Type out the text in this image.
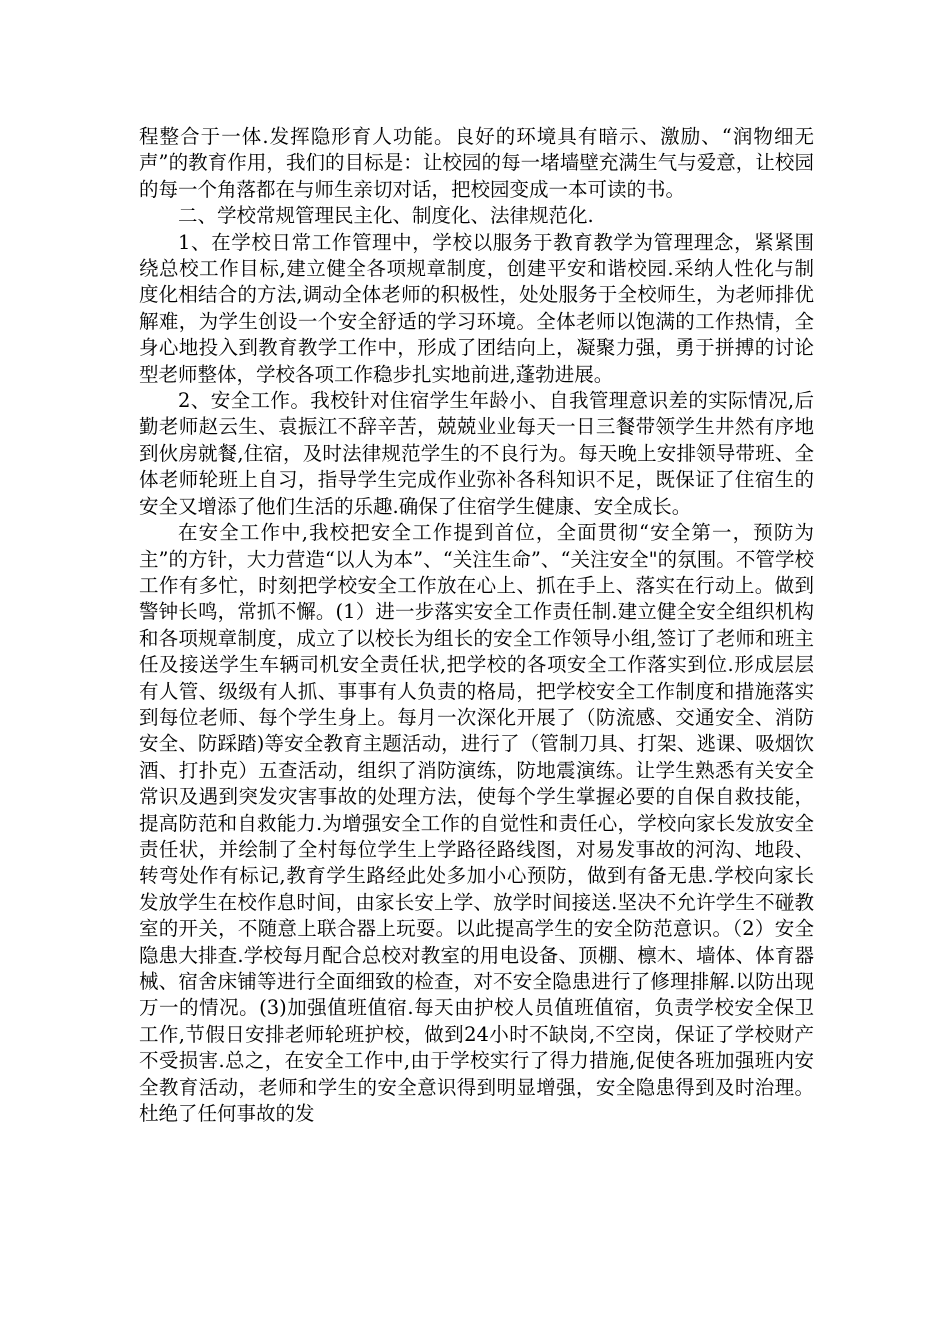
程整合于一体.发挥隐形育人功能。良好的环境具有暗示、激励、“润物细无声”的教育作用，我们的目标是：让校园的每一堵墙壁充满生气与爱意，让校园的每一个角落都在与师生亲切对话，把校园变成一本可读的书。

二、学校常规管理民主化、制度化、法律规范化.

1、在学校日常工作管理中，学校以服务于教育教学为管理理念，紧紧围绕总校工作目标,建立健全各项规章制度，创建平安和谐校园.采纳人性化与制度化相结合的方法,调动全体老师的积极性，处处服务于全校师生，为老师排优解难，为学生创设一个安全舒适的学习环境。全体老师以饱满的工作热情，全身心地投入到教育教学工作中，形成了团结向上，凝聚力强，勇于拼搏的讨论型老师整体，学校各项工作稳步扎实地前进,蓬勃进展。

2、安全工作。我校针对住宿学生年龄小、自我管理意识差的实际情况,后勤老师赵云生、袁振江不辞辛苦，兢兢业业每天一日三餐带领学生井然有序地到伙房就餐,住宿，及时法律规范学生的不良行为。每天晚上安排领导带班、全体老师轮班上自习，指导学生完成作业弥补各科知识不足，既保证了住宿生的安全又增添了他们生活的乐趣.确保了住宿学生健康、安全成长。

在安全工作中,我校把安全工作提到首位，全面贯彻“安全第一，预防为主”的方针，大力营造“以人为本”、“关注生命”、“关注安全"的氛围。不管学校工作有多忙，时刻把学校安全工作放在心上、抓在手上、落实在行动上。做到警钟长鸣，常抓不懈。(1）进一步落实安全工作责任制.建立健全安全组织机构和各项规章制度，成立了以校长为组长的安全工作领导小组,签订了老师和班主任及接送学生车辆司机安全责任状,把学校的各项安全工作落实到位.形成层层有人管、级级有人抓、事事有人负责的格局，把学校安全工作制度和措施落实到每位老师、每个学生身上。每月一次深化开展了（防流感、交通安全、消防安全、防踩踏)等安全教育主题活动，进行了（管制刀具、打架、逃课、吸烟饮酒、打扑克）五查活动，组织了消防演练，防地震演练。让学生熟悉有关安全常识及遇到突发灾害事故的处理方法，使每个学生掌握必要的自保自救技能，提高防范和自救能力.为增强安全工作的自觉性和责任心，学校向家长发放安全责任状，并绘制了全村每位学生上学路径路线图，对易发事故的河沟、地段、转弯处作有标记,教育学生路经此处多加小心预防，做到有备无患.学校向家长发放学生在校作息时间，由家长安上学、放学时间接送.坚决不允许学生不碰教室的开关，不随意上联合器上玩耍。以此提高学生的安全防范意识。（2）安全隐患大排查.学校每月配合总校对教室的用电设备、顶棚、檩木、墙体、体育器械、宿舍床铺等进行全面细致的检查，对不安全隐患进行了修理排解.以防出现万一的情况。(3)加强值班值宿.每天由护校人员值班值宿，负责学校安全保卫工作,节假日安排老师轮班护校，做到24小时不缺岗,不空岗，保证了学校财产不受损害.总之，在安全工作中,由于学校实行了得力措施,促使各班加强班内安全教育活动，老师和学生的安全意识得到明显增强，安全隐患得到及时治理。杜绝了任何事故的发
